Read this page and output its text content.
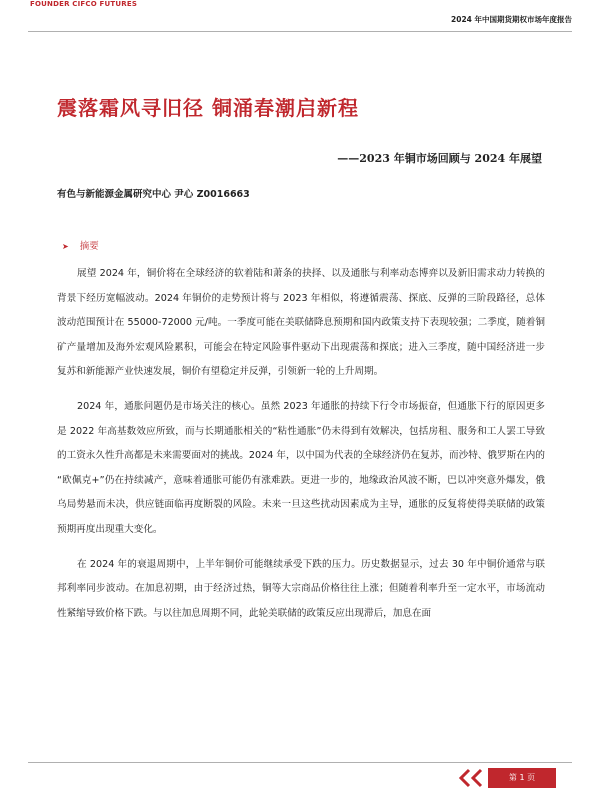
FOUNDER CIFCO FUTURES
2024 年中国期货期权市场年度报告
震落霜风寻旧径 铜涌春潮启新程
——2023 年铜市场回顾与 2024 年展望
有色与新能源金属研究中心 尹心 Z0016663
➤ 摘要

展望 2024 年，铜价将在全球经济的软着陆和萧条的抉择、以及通胀与利率动态博弈以及新旧需求动力转换的背景下经历宽幅波动。2024 年铜价的走势预计将与 2023 年相似，将遵循震荡、探底、反弹的三阶段路径，总体波动范围预计在 55000-72000 元/吨。一季度可能在美联储降息预期和国内政策支持下表现较强；二季度，随着铜矿产量增加及海外宏观风险累积，可能会在特定风险事件驱动下出现震荡和探底；进入三季度，随中国经济进一步复苏和新能源产业快速发展，铜价有望稳定并反弹，引领新一轮的上升周期。

2024 年，通胀问题仍是市场关注的核心。虽然 2023 年通胀的持续下行令市场振奋，但通胀下行的原因更多是 2022 年高基数效应所致，而与长期通胀相关的“粘性通胀”仍未得到有效解决，包括房租、服务和工人罢工导致的工资永久性升高都是未来需要面对的挑战。2024 年，以中国为代表的全球经济仍在复苏，而沙特、俄罗斯在内的 “欧佩克+”仍在持续减产，意味着通胀可能仍有涨难跌。更进一步的，地缘政治风波不断，巴以冲突意外爆发，俄乌局势悬而未决，供应链面临再度断裂的风险。未来一旦这些扰动因素成为主导，通胀的反复将使得美联储的政策预期再度出现重大变化。

在 2024 年的衰退周期中，上半年铜价可能继续承受下跌的压力。历史数据显示，过去 30 年中铜价通常与联邦利率同步波动。在加息初期，由于经济过热，铜等大宗商品价格往往上涨；但随着利率升至一定水平，市场流动性紧缩导致价格下跌。与以往加息周期不同，此轮美联储的政策反应出现滞后，加息在面

第 1 页
